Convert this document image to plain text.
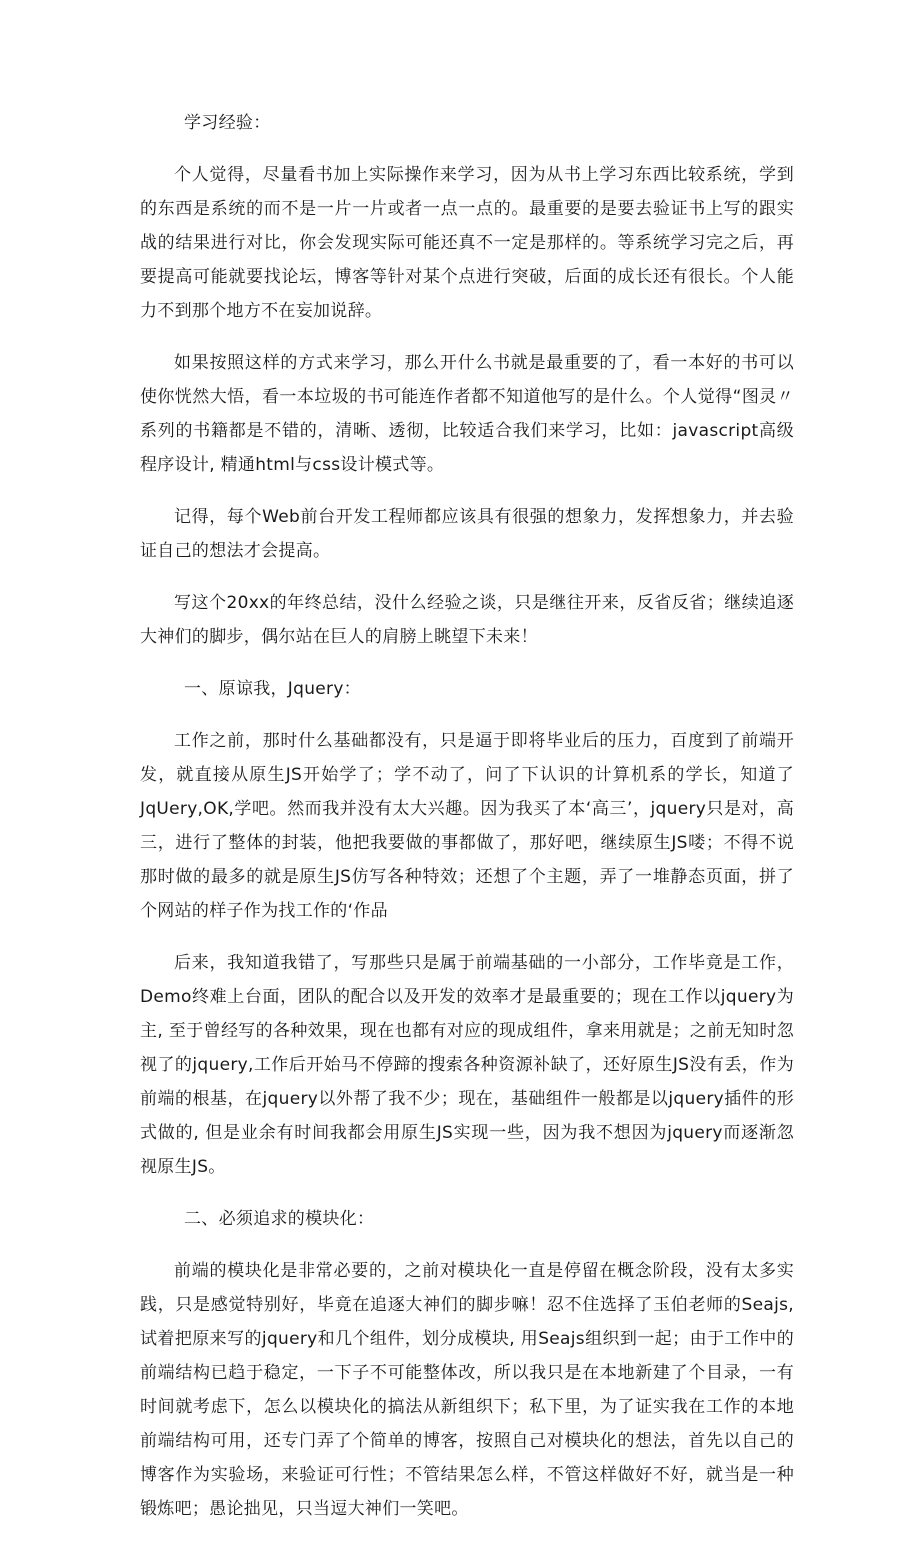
学习经验：

个人觉得，尽量看书加上实际操作来学习，因为从书上学习东西比较系统，学到的东西是系统的而不是一片一片或者一点一点的。最重要的是要去验证书上写的跟实战的结果进行对比，你会发现实际可能还真不一定是那样的。等系统学习完之后，再要提高可能就要找论坛，博客等针对某个点进行突破，后面的成长还有很长。个人能力不到那个地方不在妄加说辞。

如果按照这样的方式来学习，那么开什么书就是最重要的了，看一本好的书可以使你恍然大悟，看一本垃圾的书可能连作者都不知道他写的是什么。个人觉得“图灵〃系列的书籍都是不错的，清晰、透彻，比较适合我们来学习，比如：javascript高级程序设计, 精通html与css设计模式等。

记得，每个Web前台开发工程师都应该具有很强的想象力，发挥想象力，并去验证自己的想法才会提高。

写这个20xx的年终总结，没什么经验之谈，只是继往开来，反省反省；继续追逐大神们的脚步，偶尔站在巨人的肩膀上眺望下未来！

一、原谅我，Jquery：

工作之前，那时什么基础都没有，只是逼于即将毕业后的压力，百度到了前端开发，就直接从原生JS开始学了；学不动了，问了下认识的计算机系的学长，知道了JqUery,OK,学吧。然而我并没有太大兴趣。因为我买了本‘高三’，jquery只是对，高三，进行了整体的封装，他把我要做的事都做了，那好吧，继续原生JS喽；不得不说那时做的最多的就是原生JS仿写各种特效；还想了个主题，弄了一堆静态页面，拼了个网站的样子作为找工作的‘作品

后来，我知道我错了，写那些只是属于前端基础的一小部分，工作毕竟是工作，Demo终难上台面，团队的配合以及开发的效率才是最重要的；现在工作以jquery为主, 至于曾经写的各种效果，现在也都有对应的现成组件，拿来用就是；之前无知时忽视了的jquery,工作后开始马不停蹄的搜索各种资源补缺了，还好原生JS没有丢，作为前端的根基，在jquery以外帮了我不少；现在，基础组件一般都是以jquery插件的形式做的, 但是业余有时间我都会用原生JS实现一些，因为我不想因为jquery而逐渐忽视原生JS。

二、必须追求的模块化：

前端的模块化是非常必要的，之前对模块化一直是停留在概念阶段，没有太多实践，只是感觉特别好，毕竟在追逐大神们的脚步嘛！忍不住选择了玉伯老师的Seajs,试着把原来写的jquery和几个组件，划分成模块, 用Seajs组织到一起；由于工作中的前端结构已趋于稳定，一下子不可能整体改，所以我只是在本地新建了个目录，一有时间就考虑下，怎么以模块化的搞法从新组织下；私下里，为了证实我在工作的本地前端结构可用，还专门弄了个简单的博客，按照自己对模块化的想法，首先以自己的博客作为实验场，来验证可行性；不管结果怎么样，不管这样做好不好，就当是一种锻炼吧；愚论拙见，只当逗大神们一笑吧。
